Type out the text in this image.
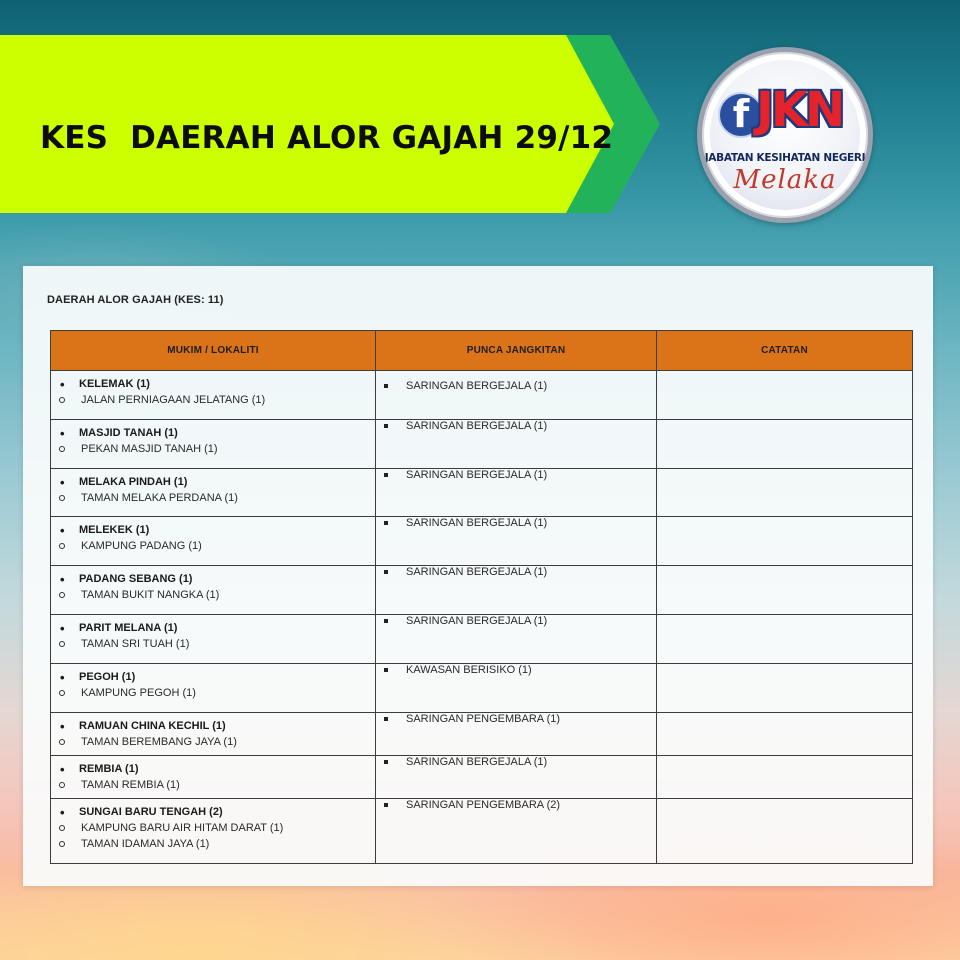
KES  DAERAH ALOR GAJAH 29/12
f JKN
JABATAN KESIHATAN NEGERI
Melaka
DAERAH ALOR GAJAH (KES: 11)
MUKIM / LOKALITI	PUNCA JANGKITAN	CATATAN

• KELEMAK (1)
JALAN PERNIAGAAN JELATANG (1)	SARINGAN BERGEJALA (1)	

• MASJID TANAH (1)
PEKAN MASJID TANAH (1)	SARINGAN BERGEJALA (1)	

• MELAKA PINDAH (1)
TAMAN MELAKA PERDANA (1)	SARINGAN BERGEJALA (1)	

• MELEKEK (1)
KAMPUNG PADANG (1)	SARINGAN BERGEJALA (1)	

• PADANG SEBANG (1)
TAMAN BUKIT NANGKA (1)	SARINGAN BERGEJALA (1)	

• PARIT MELANA (1)
TAMAN SRI TUAH (1)	SARINGAN BERGEJALA (1)	

• PEGOH (1)
KAMPUNG PEGOH (1)	KAWASAN BERISIKO (1)	

• RAMUAN CHINA KECHIL (1)
TAMAN BEREMBANG JAYA (1)	SARINGAN PENGEMBARA (1)	

• REMBIA (1)
TAMAN REMBIA (1)	SARINGAN BERGEJALA (1)	

• SUNGAI BARU TENGAH (2)
KAMPUNG BARU AIR HITAM DARAT (1)
TAMAN IDAMAN JAYA (1)	SARINGAN PENGEMBARA (2)	
